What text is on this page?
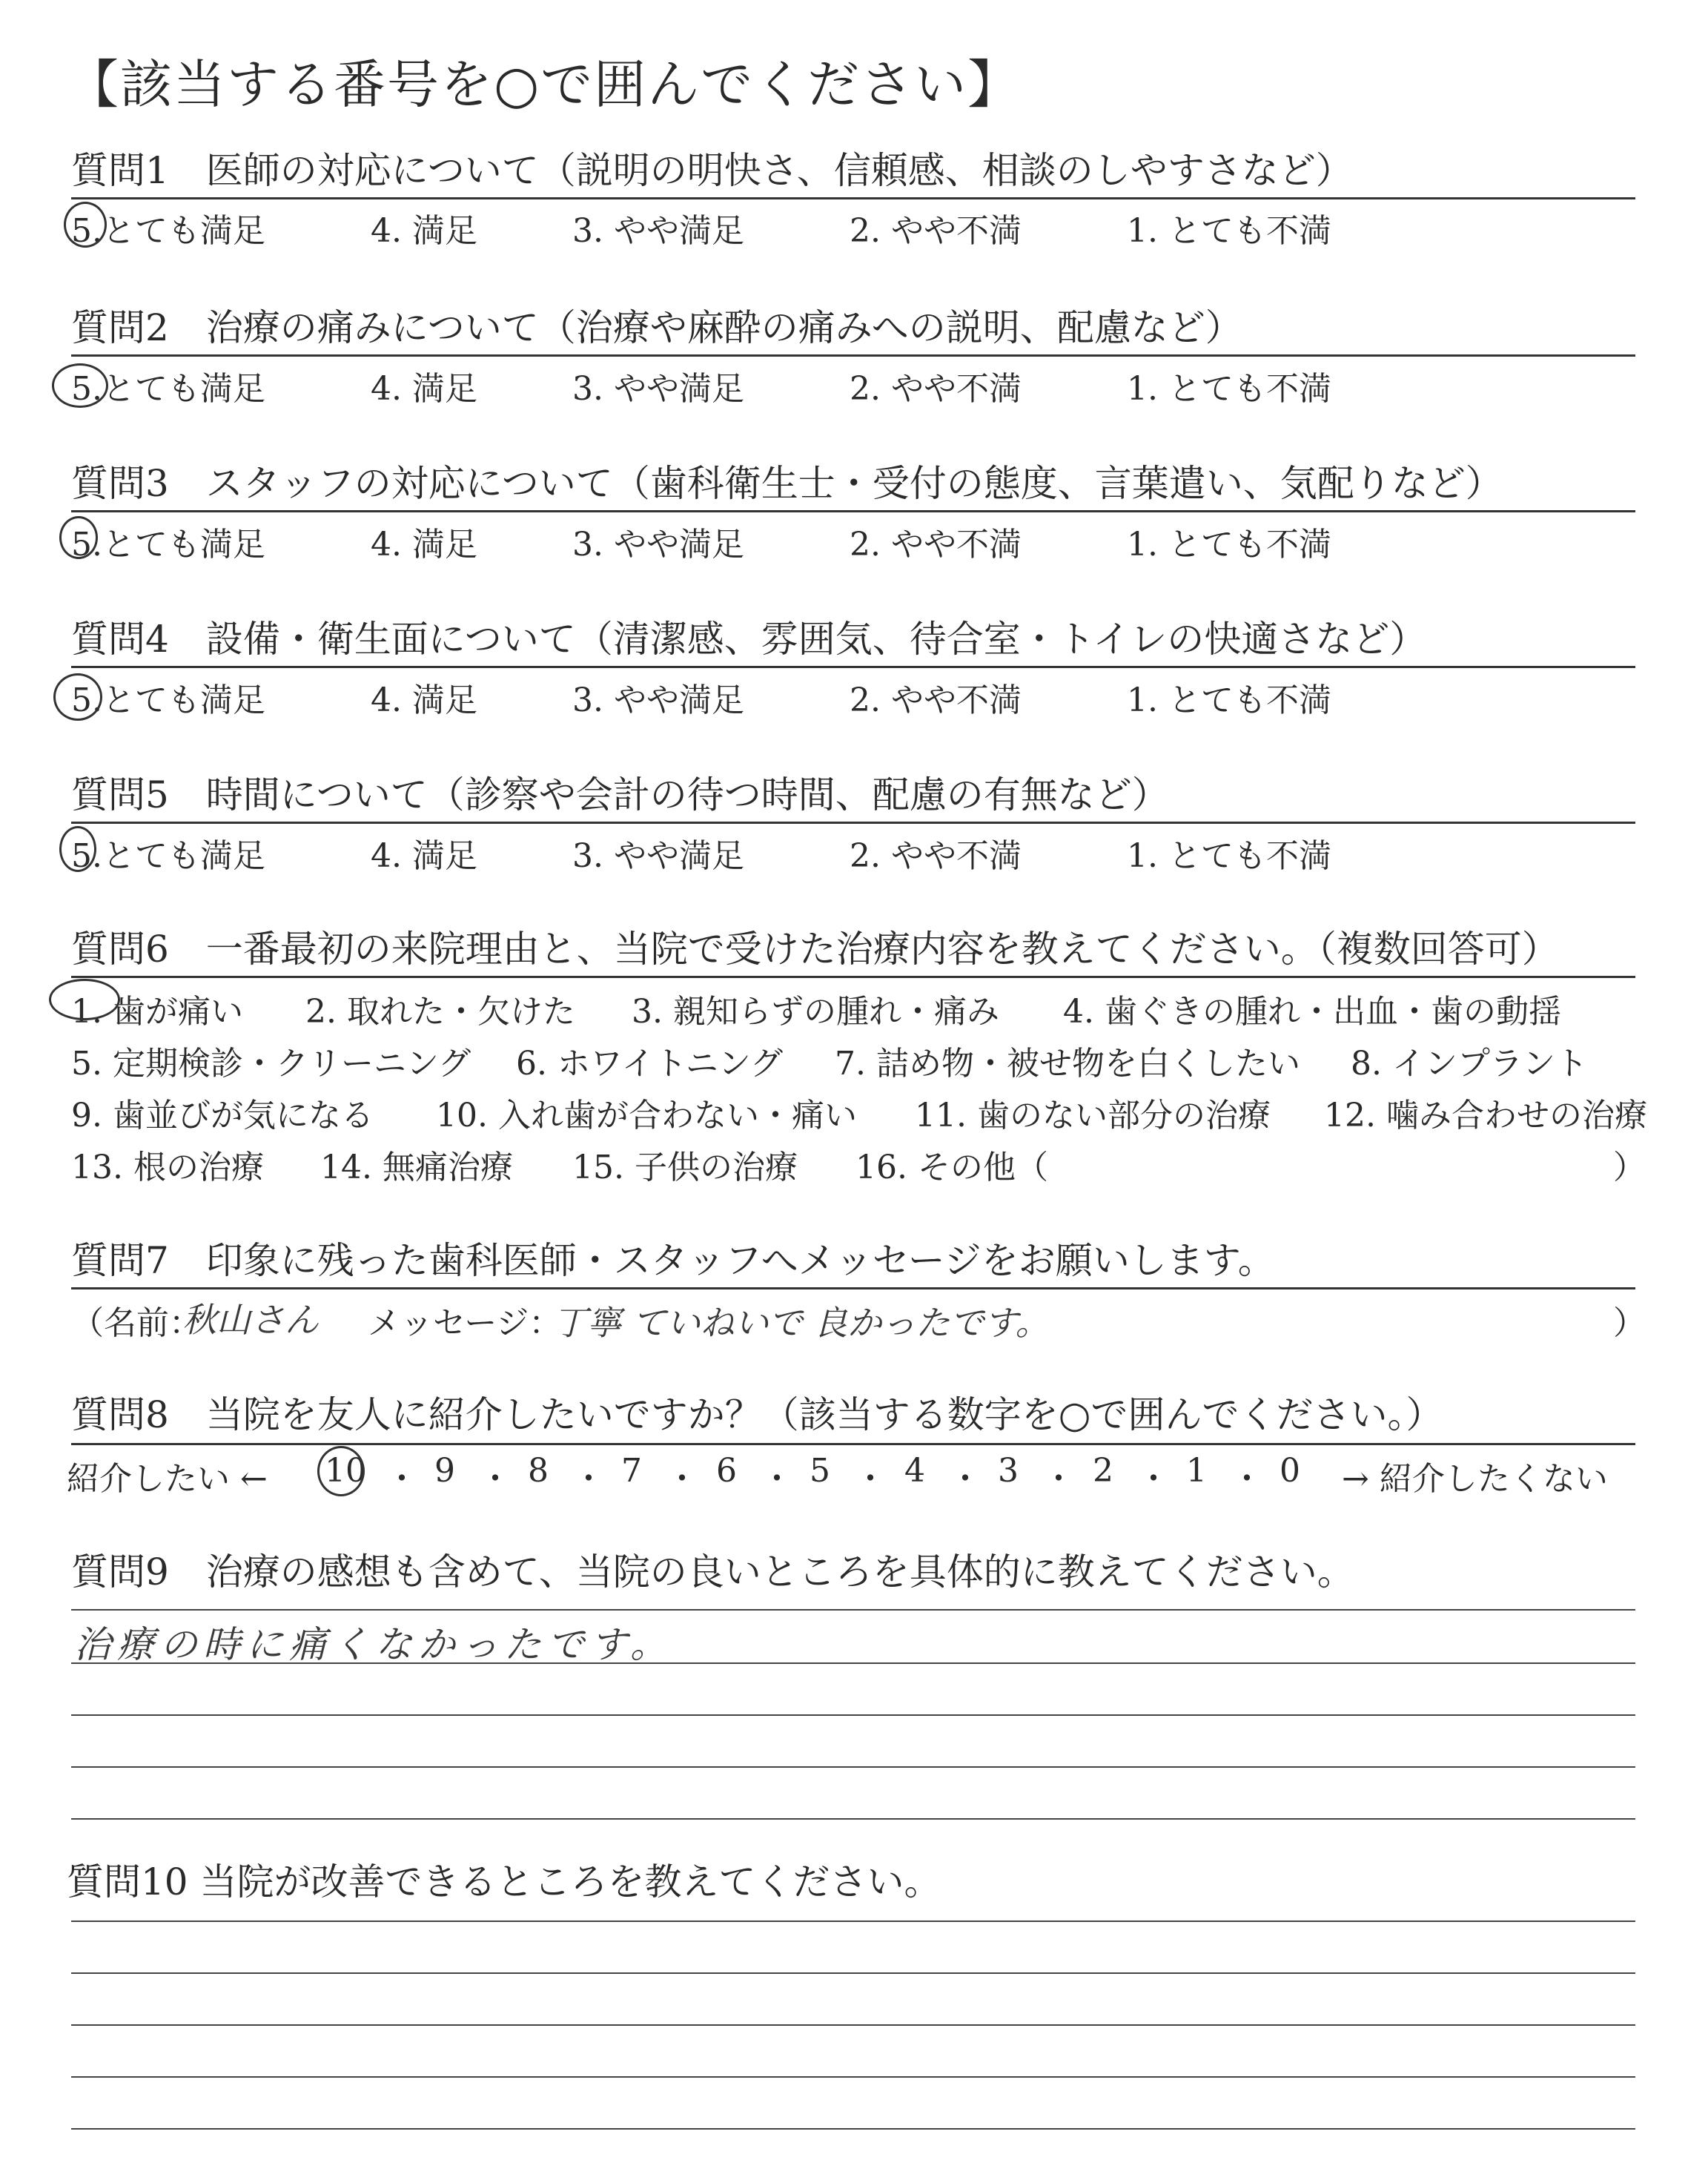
【該当する番号を○で囲んでください】
質問1　医師の対応について（説明の明快さ、信頼感、相談のしやすさなど）
5.とても満足	4. 満足	3. やや満足	2. やや不満	1. とても不満
質問2　治療の痛みについて（治療や麻酔の痛みへの説明、配慮など）
5.とても満足	4. 満足	3. やや満足	2. やや不満	1. とても不満
質問3　スタッフの対応について（歯科衛生士・受付の態度、言葉遣い、気配りなど）
5.とても満足	4. 満足	3. やや満足	2. やや不満	1. とても不満
質問4　設備・衛生面について（清潔感、雰囲気、待合室・トイレの快適さなど）
5.とても満足	4. 満足	3. やや満足	2. やや不満	1. とても不満
質問5　時間について（診察や会計の待つ時間、配慮の有無など）
5.とても満足	4. 満足	3. やや満足	2. やや不満	1. とても不満
質問6　一番最初の来院理由と、当院で受けた治療内容を教えてください。（複数回答可）
1. 歯が痛い 2. 取れた・欠けた 3. 親知らずの腫れ・痛み 4. 歯ぐきの腫れ・出血・歯の動揺
5. 定期検診・クリーニング 6. ホワイトニング 7. 詰め物・被せ物を白くしたい 8. インプラント
9. 歯並びが気になる 10. 入れ歯が合わない・痛い 11. 歯のない部分の治療 12. 噛み合わせの治療
13. 根の治療 14. 無痛治療 15. 子供の治療 16. その他（	）
質問7　印象に残った歯科医師・スタッフへメッセージをお願いします。
（名前：
秋山さん メッセージ：
丁寧 ていねいで 良かったです。	）
質問8　当院を友人に紹介したいですか？（該当する数字を○で囲んでください。）
紹介したい ← 10 ・ 9 ・ 8 ・ 7 ・ 6 ・ 5 ・ 4 ・ 3 ・ 2 ・ 1 ・ 0 → 紹介したくない
質問9　治療の感想も含めて、当院の良いところを具体的に教えてください。
治療の時に痛くなかったです。
質問10 当院が改善できるところを教えてください。
